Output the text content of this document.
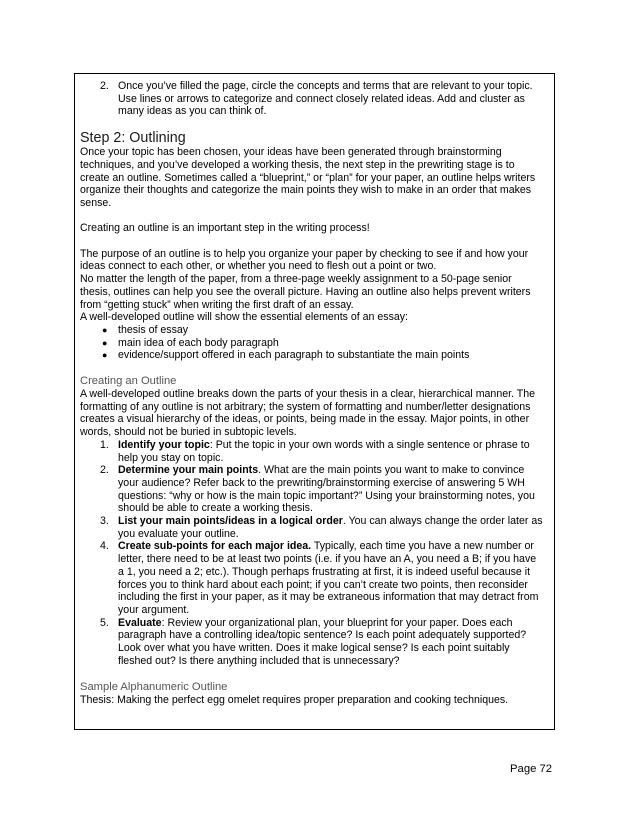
2. Once you’ve filled the page, circle the concepts and terms that are relevant to your topic. Use lines or arrows to categorize and connect closely related ideas. Add and cluster as many ideas as you can think of.
Step 2: Outlining

Once your topic has been chosen, your ideas have been generated through brainstorming techniques, and you’ve developed a working thesis, the next step in the prewriting stage is to create an outline. Sometimes called a “blueprint,” or “plan” for your paper, an outline helps writers organize their thoughts and categorize the main points they wish to make in an order that makes sense.

Creating an outline is an important step in the writing process!

The purpose of an outline is to help you organize your paper by checking to see if and how your ideas connect to each other, or whether you need to flesh out a point or two.

No matter the length of the paper, from a three-page weekly assignment to a 50-page senior thesis, outlines can help you see the overall picture. Having an outline also helps prevent writers from “getting stuck” when writing the first draft of an essay.

A well-developed outline will show the essential elements of an essay:

● thesis of essay
● main idea of each body paragraph
● evidence/support offered in each paragraph to substantiate the main points
Creating an Outline

A well-developed outline breaks down the parts of your thesis in a clear, hierarchical manner. The formatting of any outline is not arbitrary; the system of formatting and number/letter designations creates a visual hierarchy of the ideas, or points, being made in the essay. Major points, in other words, should not be buried in subtopic levels.

1. Identify your topic: Put the topic in your own words with a single sentence or phrase to help you stay on topic.
2. Determine your main points. What are the main points you want to make to convince your audience? Refer back to the prewriting/brainstorming exercise of answering 5 WH questions: “why or how is the main topic important?” Using your brainstorming notes, you should be able to create a working thesis.
3. List your main points/ideas in a logical order. You can always change the order later as you evaluate your outline.
4. Create sub-points for each major idea. Typically, each time you have a new number or letter, there need to be at least two points (i.e. if you have an A, you need a B; if you have a 1, you need a 2; etc.). Though perhaps frustrating at first, it is indeed useful because it forces you to think hard about each point; if you can’t create two points, then reconsider including the first in your paper, as it may be extraneous information that may detract from your argument.
5. Evaluate: Review your organizational plan, your blueprint for your paper. Does each paragraph have a controlling idea/topic sentence? Is each point adequately supported? Look over what you have written. Does it make logical sense? Is each point suitably fleshed out? Is there anything included that is unnecessary?
Sample Alphanumeric Outline

Thesis: Making the perfect egg omelet requires proper preparation and cooking techniques.

Page 72
